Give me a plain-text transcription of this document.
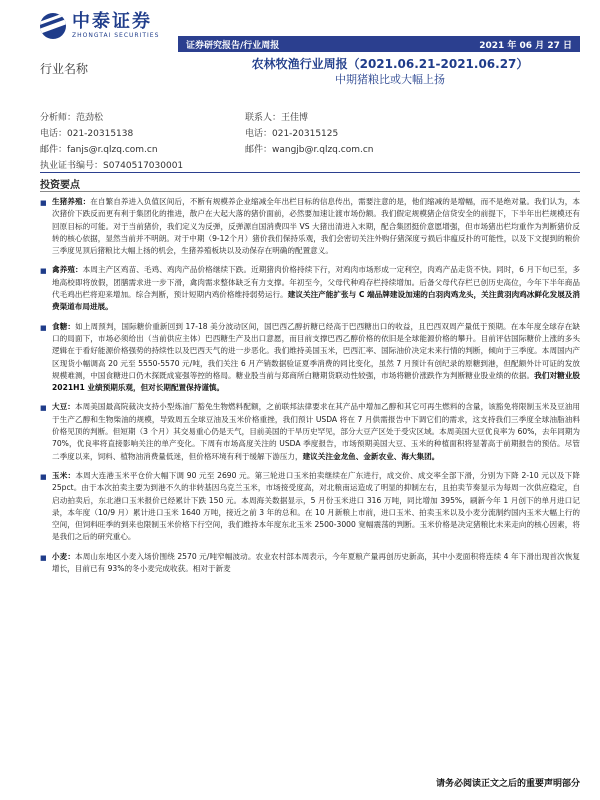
中泰证券
ZHONGTAI SECURITIES
证券研究报告/行业周报	2021 年 06 月 27 日
行业名称	农林牧渔行业周报（2021.06.21-2021.06.27）
中期猪粮比或大幅上扬
分析师：范劲松	联系人：王佳博
电话：021-20315138	电话：021-20315125
邮件：fanjs@r.qlzq.com.cn	邮件：wangjb@r.qlzq.com.cn
执业证书编号：S0740517030001
投资要点
■ 生猪养殖：在自繁自养进入负值区间后，不断有规模养企业缩减全年出栏目标的信息传出，需要注意的是，他们缩减的是增幅，而不是绝对量。我们认为，本次猪价下跌反而更有利于集团化的推进，散户在大起大落的猪价面前，必然要加速让渡市场份额。我们假定规模猪企信贷安全的前提下，下半年出栏规模还有回原目标的可能。对于当前猪价，我们定义为反弹，反弹源自国消费四半 VS 大猪出清进入末期，配合集团挺价意愿增强，但市场猪出栏均重作为判断猪价反转的核心依据，显然当前并不明朗。对于中期（9-12个月）猪价我们保持乐观，我们会密切关注外购仔猪深度亏损后非瘟反扑的可能性，以及下文提到的粮价三季度见顶后猪粮比大幅上扬的机会，生猪养殖板块以及动保存在明确的配置意义。
■ 禽养殖：本周主产区鸡苗、毛鸡、鸡肉产品价格继续下跌。近期猪肉价格持续下行，对鸡肉市场形成一定利空，肉鸡产品走货不快。同时，6 月下旬已至，多地高校即将放假，团膳需求进一步下滑，禽肉需求整体缺乏有力支撑。年初至今，父母代种鸡存栏持续增加。后备父母代存栏已创历史高位，今年下半年商品代毛鸡出栏将迎来增加。综合判断，预计短期内鸡价格维持弱势运行。建议关注产能扩张与 C 端品牌建设加速的白羽肉鸡龙头，关注黄羽肉鸡冰鲜化发展及消费渠道布局进展。
■ 食糖：如上周预判，国际糖价重新回到 17-18 美分波动区间，国巴西乙醇折糖已经高于巴西糖出口的收益，且巴西双周产量低于预期。在本年度全球存在缺口的局面下，市场必须给出（当前供应主体）巴西糖生产及出口意愿，而目前支撑巴西乙醇价格的依旧是全球能源价格的攀升。目前评估国际糖价上涨的多头逻辑在于看好能源价格强势的持续性以及巴西天气的进一步恶化。我们维持美国玉米，巴西汇率、国际油价决定未来行情的判断，倾向于三季度。本周国内产区现货小幅调高 20 元至 5550-5570 元/吨，我们关注 6 月产销数据验证夏季消费的同比变化，虽然 7 月预计有创纪录的原糖到港，但配额外计可证的发放规模难测，中国食糖进口仍木探既成宴强等控的格局。糖业股当前与郑商所白糖期货联动性较强，市场将糖价涨跌作为判断糖业股业绩的依据。我们对糖业股 2021H1 业绩预期乐观，但对长期配置保持谨慎。
■ 大豆：本周美国最高院裁决支持小型炼油厂豁免生物燃料配额，之前联邦法律要求在其产品中增加乙醇和其它可再生燃料的含量，该豁免将限制玉米及豆油用于生产乙醇和生物柴油的规模，导致周五全球豆油及玉米价格重挫，我们预计 USDA 将在 7 月供需报告中下调它们的需求，这支持我们三季度全球油脂油料价格见顶的判断。但短期（3 个月）其交易重心仍是天气，目前美国的干旱历史罕见，部分大豆产区处于受灾区域。本周美国大豆优良率为 60%，去年同期为 70%，优良率将直接影响关注的单产变化。下周有市场高度关注的 USDA 季度报告，市场预期美国大豆、玉米的种植面积将显著高于前期报告的预估。尽管二季度以来，饲料、植物油消费量低迷，但价格环境有利于缓解下游压力，建议关注金龙鱼、金新农业、海大集团。
■ 玉米：本周大连港玉米平仓价大幅下调 90 元至 2690 元。第三轮进口玉米拍卖继续在广东进行，成交价、成交率全部下滑，分别为下降 2-10 元以及下降 25pct。由于本次拍卖主要为到港不久的非转基因乌克兰玉米，市场接受度高，对北粮南运造成了明显的抑制左右，且拍卖节奏显示为每周一次供应稳定，自启动拍卖后，东北港口玉米报价已经累计下跌 150 元。本周海关数据显示，5 月份玉米进口 316 万吨，同比增加 395%，刷新今年 1 月创下的单月进口记录，本年度（10/9 月）累计进口玉米 1640 万吨，接近之前 3 年的总和。在 10 月新粮上市前，进口玉米、拍卖玉米以及小麦分流制约国内玉米大幅上行的空间，但饲料旺季的到来也限制玉米价格下行空间，我们维持本年度东北玉米 2500-3000 宽幅震荡的判断。玉米价格是决定猪粮比未来走向的核心因素，将是我们之后的研究重心。
■ 小麦：本周山东地区小麦入场价围绕 2570 元/吨窄幅波动。农业农村部本周表示，今年夏粮产量再创历史新高，其中小麦面积将连续 4 年下滑出现首次恢复增长，目前已有 93%的冬小麦完成收获。相对于新麦
请务必阅读正文之后的重要声明部分
